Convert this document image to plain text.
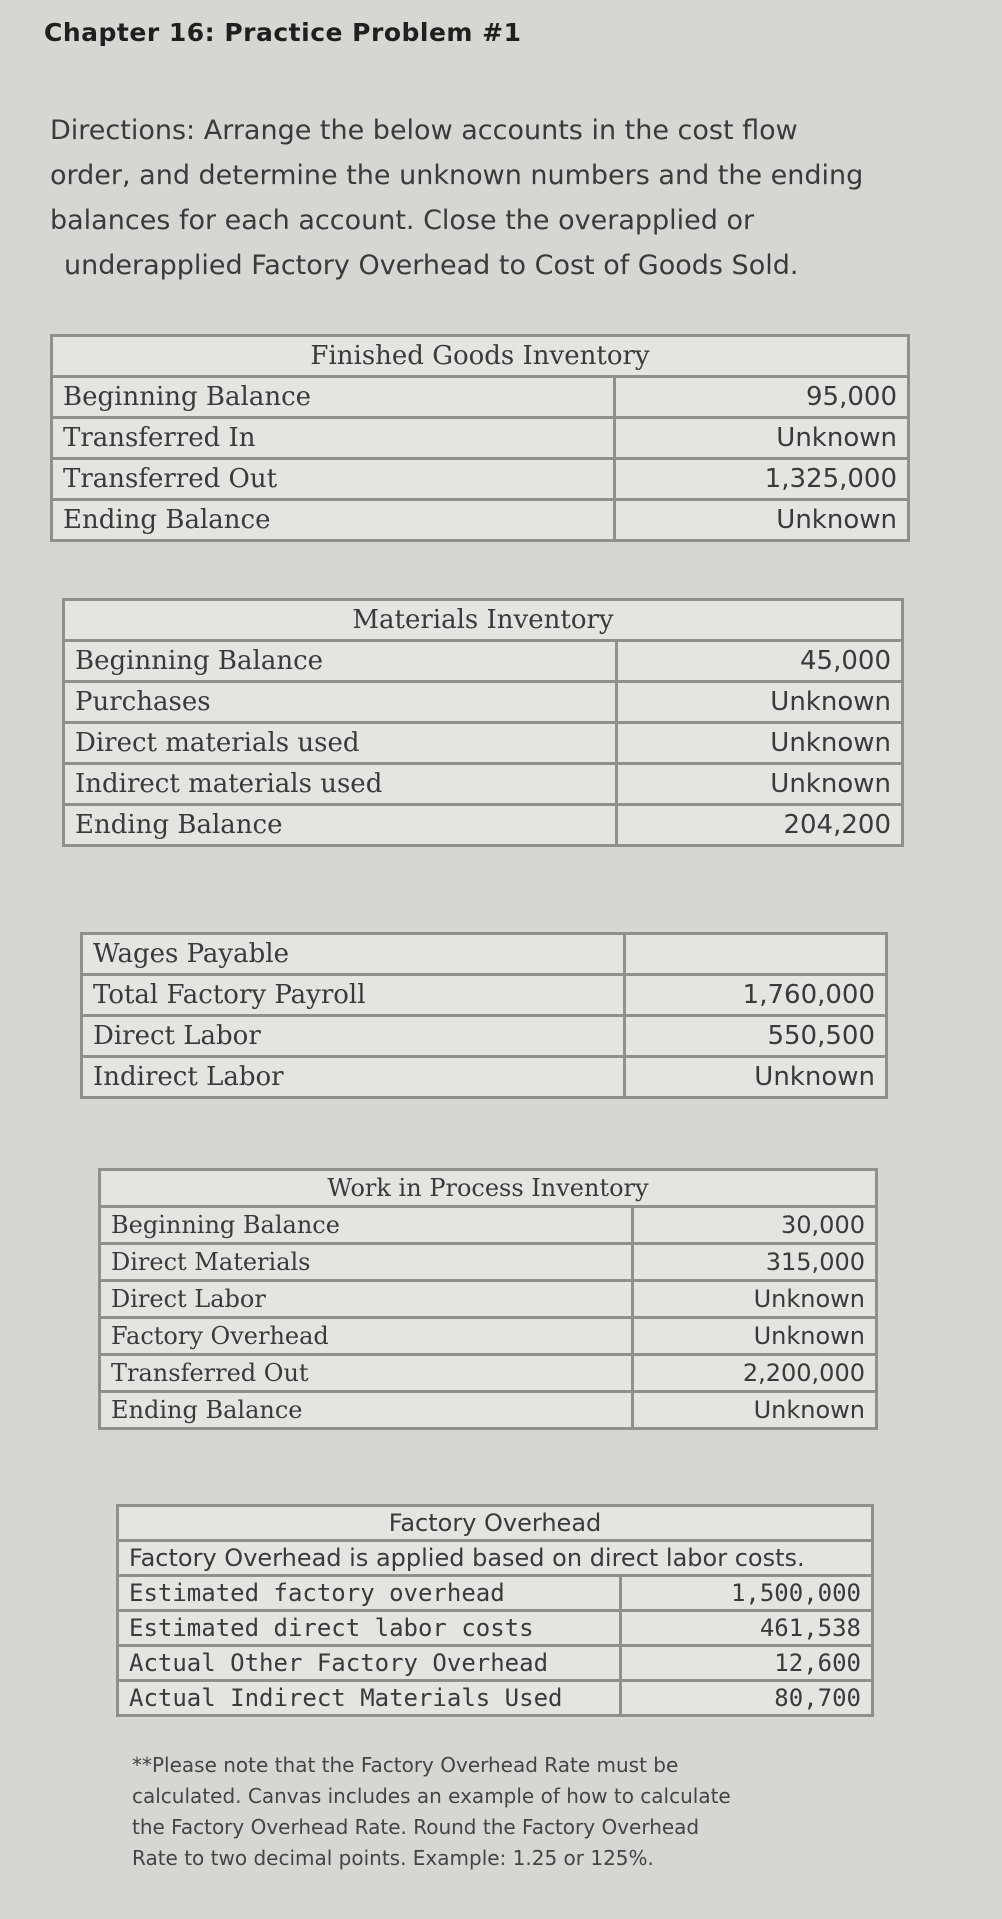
Chapter 16: Practice Problem #1

Directions: Arrange the below accounts in the cost flow

order, and determine the unknown numbers and the ending

balances for each account. Close the overapplied or

underapplied Factory Overhead to Cost of Goods Sold.

Finished Goods Inventory	
Beginning Balance	95,000
Transferred In	Unknown
Transferred Out	1,325,000
Ending Balance	Unknown
Materials Inventory	
Beginning Balance	45,000
Purchases	Unknown
Direct materials used	Unknown
Indirect materials used	Unknown
Ending Balance	204,200
Wages Payable	
Total Factory Payroll	1,760,000
Direct Labor	550,500
Indirect Labor	Unknown
Work in Process Inventory	
Beginning Balance	30,000
Direct Materials	315,000
Direct Labor	Unknown
Factory Overhead	Unknown
Transferred Out	2,200,000
Ending Balance	Unknown
Factory Overhead	
Factory Overhead is applied based on direct labor costs.	
Estimated factory overhead	1,500,000
Estimated direct labor costs	461,538
Actual Other Factory Overhead	12,600
Actual Indirect Materials Used	80,700

**Please note that the Factory Overhead Rate must be

calculated. Canvas includes an example of how to calculate

the Factory Overhead Rate. Round the Factory Overhead

Rate to two decimal points. Example: 1.25 or 125%.
